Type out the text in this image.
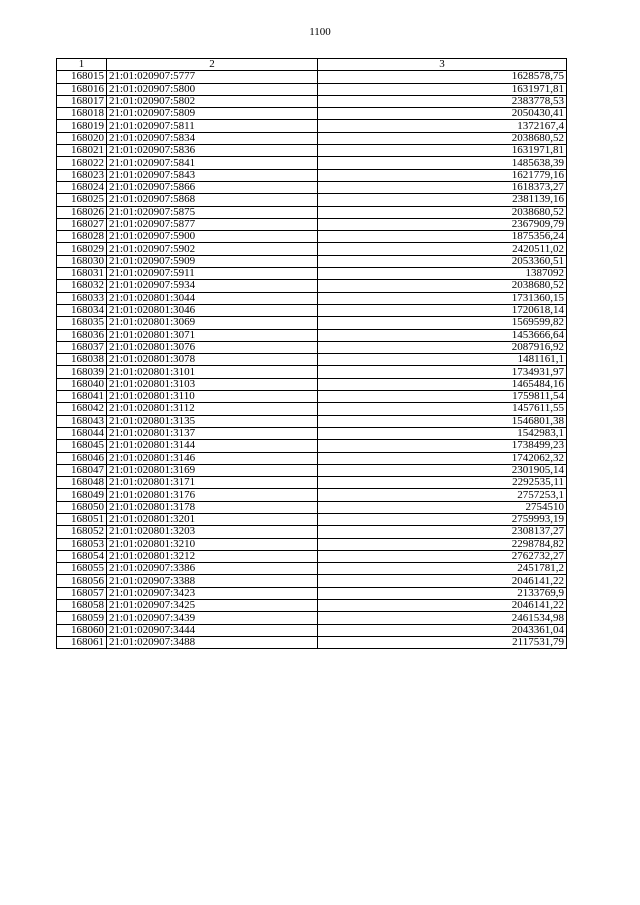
1100
1	2	3
168015	21:01:020907:5777	1628578,75
168016	21:01:020907:5800	1631971,81
168017	21:01:020907:5802	2383778,53
168018	21:01:020907:5809	2050430,41
168019	21:01:020907:5811	1372167,4
168020	21:01:020907:5834	2038680,52
168021	21:01:020907:5836	1631971,81
168022	21:01:020907:5841	1485638,39
168023	21:01:020907:5843	1621779,16
168024	21:01:020907:5866	1618373,27
168025	21:01:020907:5868	2381139,16
168026	21:01:020907:5875	2038680,52
168027	21:01:020907:5877	2367909,79
168028	21:01:020907:5900	1875356,24
168029	21:01:020907:5902	2420511,02
168030	21:01:020907:5909	2053360,51
168031	21:01:020907:5911	1387092
168032	21:01:020907:5934	2038680,52
168033	21:01:020801:3044	1731360,15
168034	21:01:020801:3046	1720618,14
168035	21:01:020801:3069	1569599,82
168036	21:01:020801:3071	1453666,64
168037	21:01:020801:3076	2087916,92
168038	21:01:020801:3078	1481161,1
168039	21:01:020801:3101	1734931,97
168040	21:01:020801:3103	1465484,16
168041	21:01:020801:3110	1759811,54
168042	21:01:020801:3112	1457611,55
168043	21:01:020801:3135	1546801,38
168044	21:01:020801:3137	1542983,1
168045	21:01:020801:3144	1738499,23
168046	21:01:020801:3146	1742062,32
168047	21:01:020801:3169	2301905,14
168048	21:01:020801:3171	2292535,11
168049	21:01:020801:3176	2757253,1
168050	21:01:020801:3178	2754510
168051	21:01:020801:3201	2759993,19
168052	21:01:020801:3203	2308137,27
168053	21:01:020801:3210	2298784,82
168054	21:01:020801:3212	2762732,27
168055	21:01:020907:3386	2451781,2
168056	21:01:020907:3388	2046141,22
168057	21:01:020907:3423	2133769,9
168058	21:01:020907:3425	2046141,22
168059	21:01:020907:3439	2461534,98
168060	21:01:020907:3444	2043361,04
168061	21:01:020907:3488	2117531,79
